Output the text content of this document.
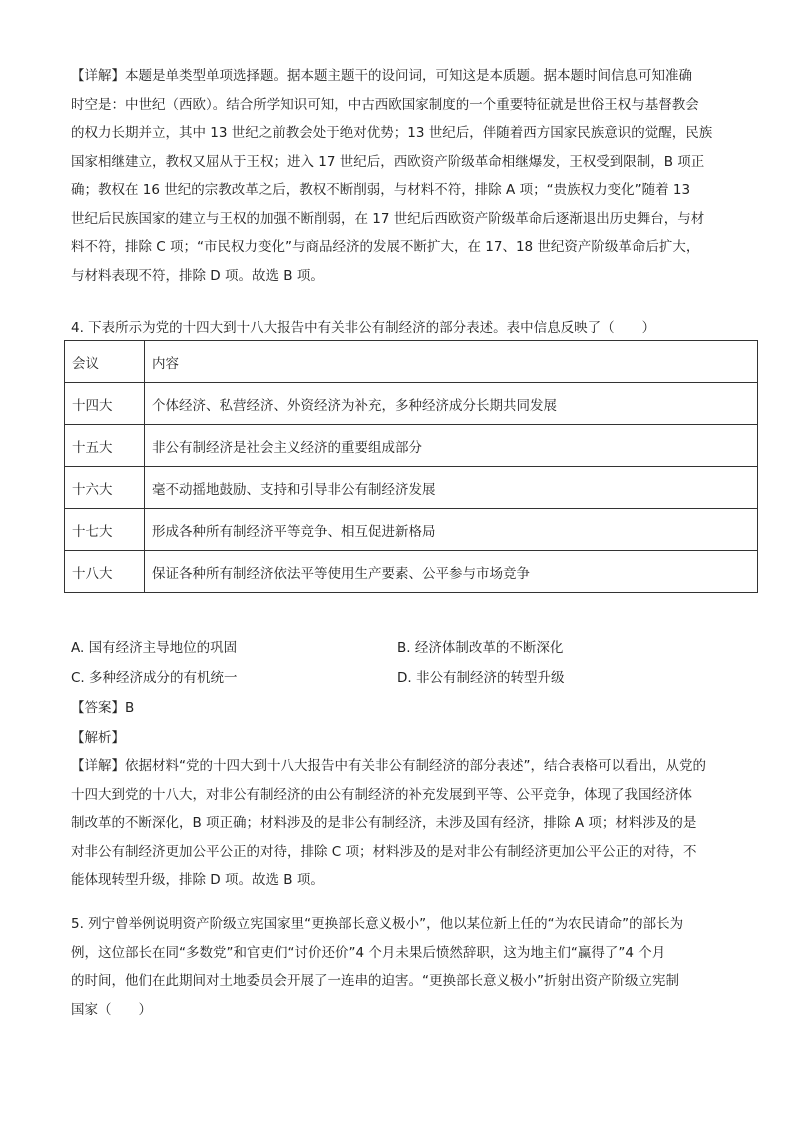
【详解】本题是单类型单项选择题。据本题主题干的设问词，可知这是本质题。据本题时间信息可知准确
时空是：中世纪（西欧）。结合所学知识可知，中古西欧国家制度的一个重要特征就是世俗王权与基督教会
的权力长期并立，其中 13 世纪之前教会处于绝对优势；13 世纪后，伴随着西方国家民族意识的觉醒，民族
国家相继建立，教权又屈从于王权；进入 17 世纪后，西欧资产阶级革命相继爆发，王权受到限制，B 项正
确；教权在 16 世纪的宗教改革之后，教权不断削弱，与材料不符，排除 A 项；“贵族权力变化”随着 13
世纪后民族国家的建立与王权的加强不断削弱，在 17 世纪后西欧资产阶级革命后逐渐退出历史舞台，与材
料不符，排除 C 项；“市民权力变化”与商品经济的发展不断扩大，在 17、18 世纪资产阶级革命后扩大，
与材料表现不符，排除 D 项。故选 B 项。
4. 下表所示为党的十四大到十八大报告中有关非公有制经济的部分表述。表中信息反映了（　　）
会议	内容
十四大	个体经济、私营经济、外资经济为补充，多种经济成分长期共同发展
十五大	非公有制经济是社会主义经济的重要组成部分
十六大	毫不动摇地鼓励、支持和引导非公有制经济发展
十七大	形成各种所有制经济平等竞争、相互促进新格局
十八大	保证各种所有制经济依法平等使用生产要素、公平参与市场竞争
A. 国有经济主导地位的巩固	B. 经济体制改革的不断深化
C. 多种经济成分的有机统一	D. 非公有制经济的转型升级
【答案】B
【解析】
【详解】依据材料“党的十四大到十八大报告中有关非公有制经济的部分表述”，结合表格可以看出，从党的
十四大到党的十八大，对非公有制经济的由公有制经济的补充发展到平等、公平竞争，体现了我国经济体
制改革的不断深化，B 项正确；材料涉及的是非公有制经济，未涉及国有经济，排除 A 项；材料涉及的是
对非公有制经济更加公平公正的对待，排除 C 项；材料涉及的是对非公有制经济更加公平公正的对待，不
能体现转型升级，排除 D 项。故选 B 项。
5. 列宁曾举例说明资产阶级立宪国家里“更换部长意义极小”，他以某位新上任的“为农民请命”的部长为
例，这位部长在同“多数党”和官吏们“讨价还价”4 个月未果后愤然辞职，这为地主们“赢得了”4 个月
的时间，他们在此期间对土地委员会开展了一连串的迫害。“更换部长意义极小”折射出资产阶级立宪制
国家（　　）
